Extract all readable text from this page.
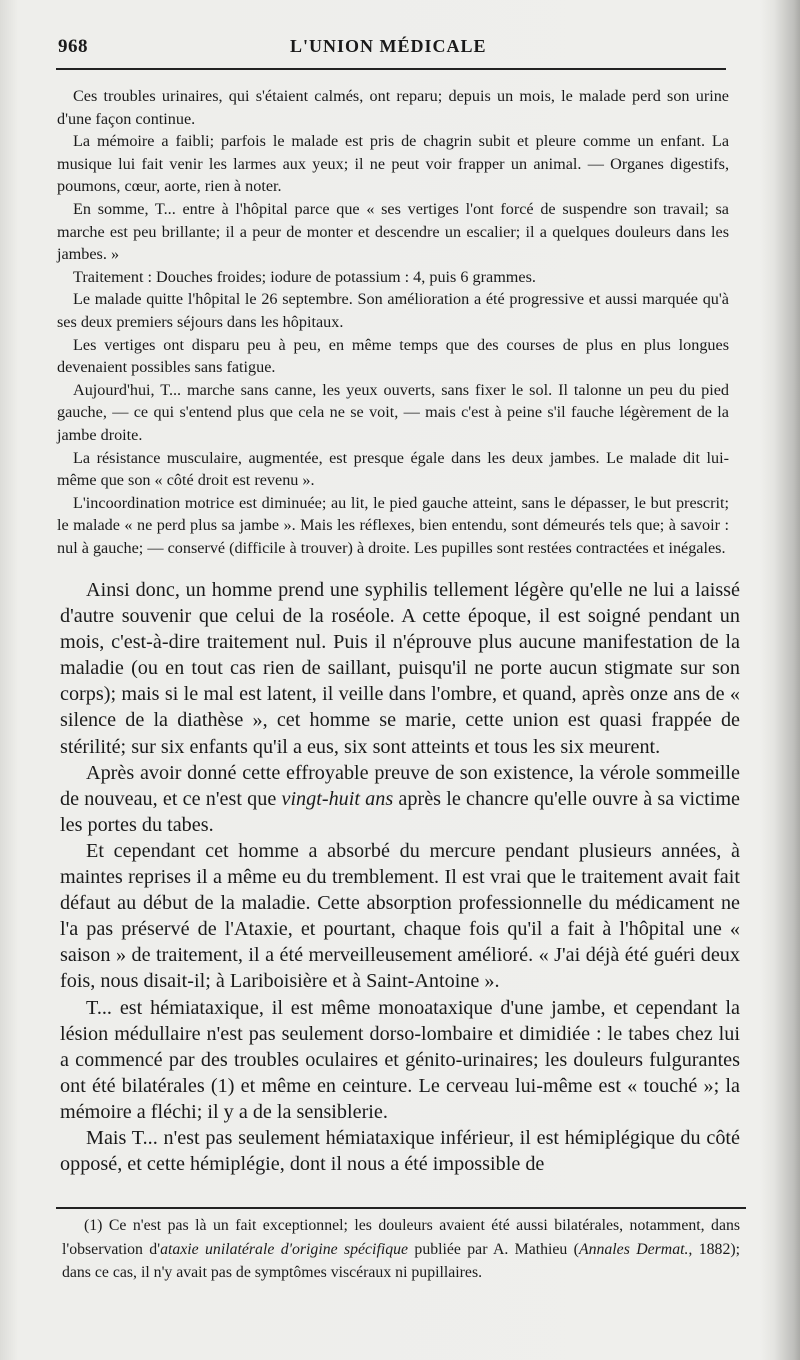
968	L'UNION MÉDICALE

Ces troubles urinaires, qui s'étaient calmés, ont reparu; depuis un mois, le malade perd son urine d'une façon continue.

La mémoire a faibli; parfois le malade est pris de chagrin subit et pleure comme un enfant. La musique lui fait venir les larmes aux yeux; il ne peut voir frapper un animal. — Organes digestifs, poumons, cœur, aorte, rien à noter.

En somme, T... entre à l'hôpital parce que « ses vertiges l'ont forcé de suspendre son travail; sa marche est peu brillante; il a peur de monter et descendre un escalier; il a quelques douleurs dans les jambes. »

Traitement : Douches froides; iodure de potassium : 4, puis 6 grammes.

Le malade quitte l'hôpital le 26 septembre. Son amélioration a été progressive et aussi marquée qu'à ses deux premiers séjours dans les hôpitaux.

Les vertiges ont disparu peu à peu, en même temps que des courses de plus en plus longues devenaient possibles sans fatigue.

Aujourd'hui, T... marche sans canne, les yeux ouverts, sans fixer le sol. Il talonne un peu du pied gauche, — ce qui s'entend plus que cela ne se voit, — mais c'est à peine s'il fauche légèrement de la jambe droite.

La résistance musculaire, augmentée, est presque égale dans les deux jambes. Le malade dit lui-même que son « côté droit est revenu ».

L'incoordination motrice est diminuée; au lit, le pied gauche atteint, sans le dépasser, le but prescrit; le malade « ne perd plus sa jambe ». Mais les réflexes, bien entendu, sont démeurés tels que; à savoir : nul à gauche; — conservé (difficile à trouver) à droite. Les pupilles sont restées contractées et inégales.

Ainsi donc, un homme prend une syphilis tellement légère qu'elle ne lui a laissé d'autre souvenir que celui de la roséole. A cette époque, il est soigné pendant un mois, c'est-à-dire traitement nul. Puis il n'éprouve plus aucune manifestation de la maladie (ou en tout cas rien de saillant, puisqu'il ne porte aucun stigmate sur son corps); mais si le mal est latent, il veille dans l'ombre, et quand, après onze ans de « silence de la diathèse », cet homme se marie, cette union est quasi frappée de stérilité; sur six enfants qu'il a eus, six sont atteints et tous les six meurent.

Après avoir donné cette effroyable preuve de son existence, la vérole sommeille de nouveau, et ce n'est que vingt-huit ans après le chancre qu'elle ouvre à sa victime les portes du tabes.

Et cependant cet homme a absorbé du mercure pendant plusieurs années, à maintes reprises il a même eu du tremblement. Il est vrai que le traitement avait fait défaut au début de la maladie. Cette absorption professionnelle du médicament ne l'a pas préservé de l'Ataxie, et pourtant, chaque fois qu'il a fait à l'hôpital une « saison » de traitement, il a été merveilleusement amélioré. « J'ai déjà été guéri deux fois, nous disait-il; à Lariboisière et à Saint-Antoine ».

T... est hémiataxique, il est même monoataxique d'une jambe, et cependant la lésion médullaire n'est pas seulement dorso-lombaire et dimidiée : le tabes chez lui a commencé par des troubles oculaires et génito-urinaires; les douleurs fulgurantes ont été bilatérales (1) et même en ceinture. Le cerveau lui-même est « touché »; la mémoire a fléchi; il y a de la sensiblerie.

Mais T... n'est pas seulement hémiataxique inférieur, il est hémiplégique du côté opposé, et cette hémiplégie, dont il nous a été impossible de

(1) Ce n'est pas là un fait exceptionnel; les douleurs avaient été aussi bilatérales, notamment, dans l'observation d'ataxie unilatérale d'origine spécifique publiée par A. Mathieu (Annales Dermat., 1882); dans ce cas, il n'y avait pas de symptômes viscéraux ni pupillaires.
